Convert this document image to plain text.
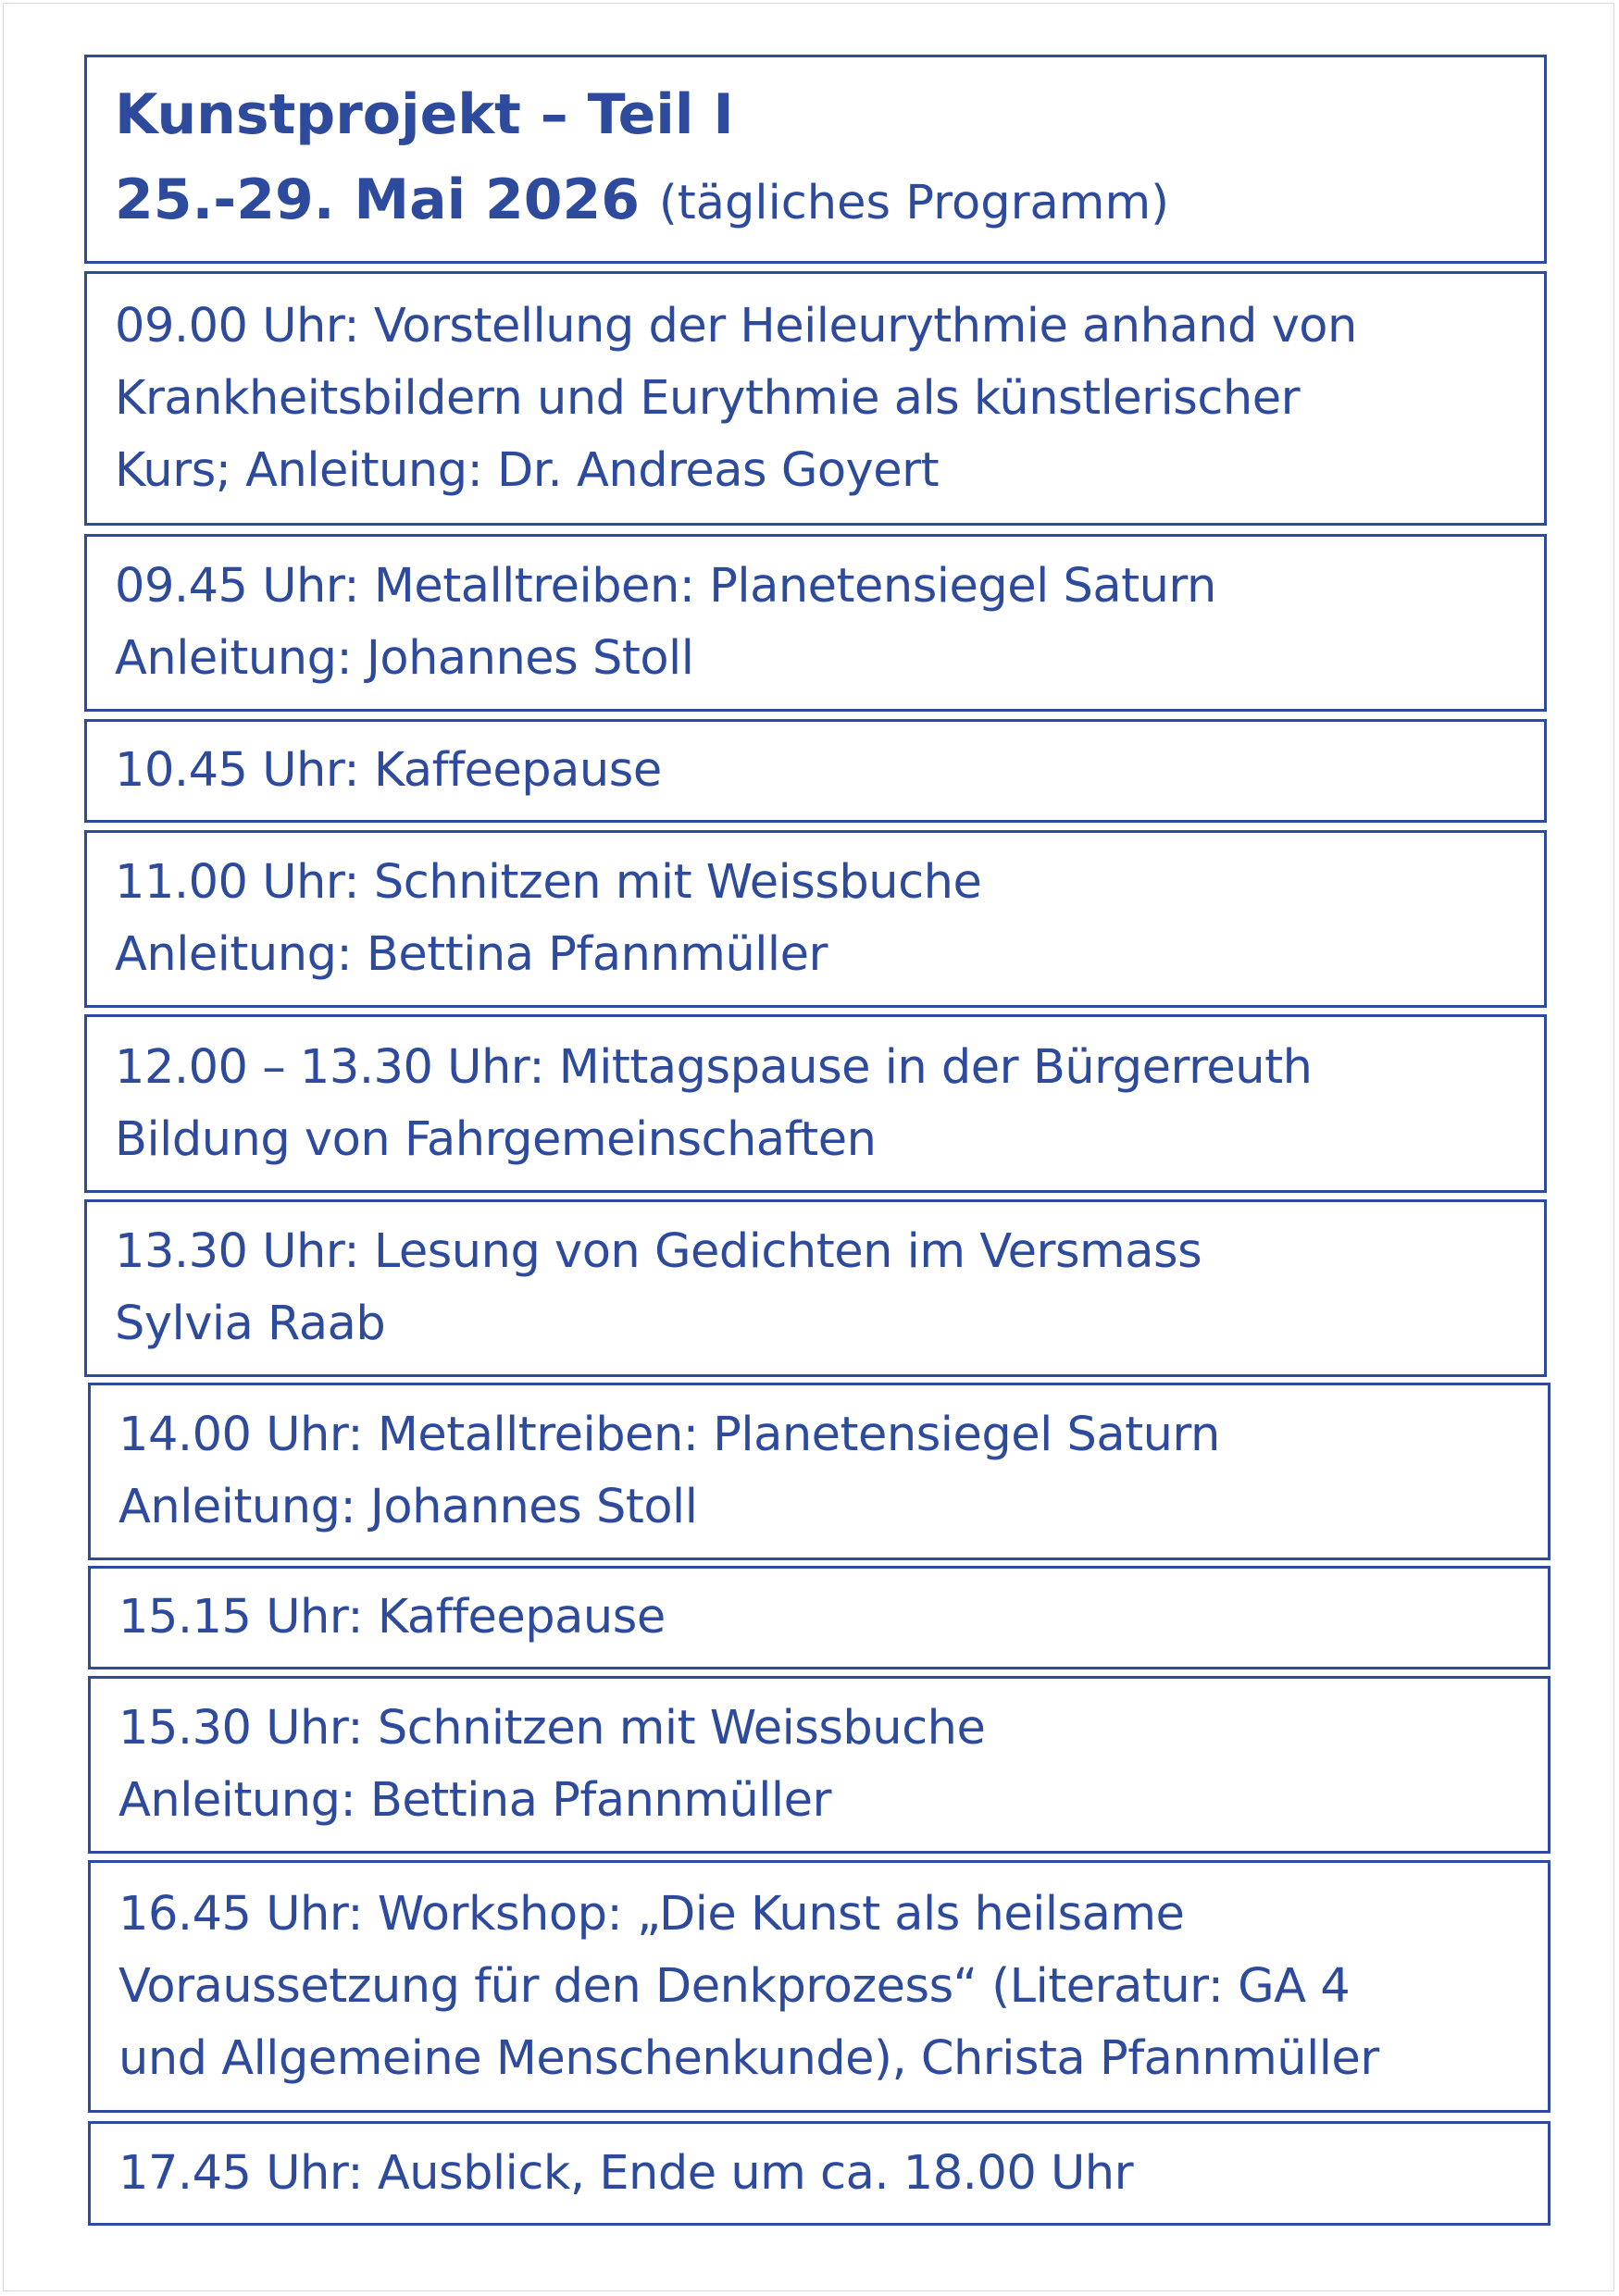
Kunstprojekt – Teil I
25.-29. Mai 2026 (tägliches Programm)
09.00 Uhr: Vorstellung der Heileurythmie anhand von
Krankheitsbildern und Eurythmie als künstlerischer
Kurs; Anleitung: Dr. Andreas Goyert
09.45 Uhr: Metalltreiben: Planetensiegel Saturn
Anleitung: Johannes Stoll
10.45 Uhr: Kaffeepause
11.00 Uhr: Schnitzen mit Weissbuche
Anleitung: Bettina Pfannmüller
12.00 – 13.30 Uhr: Mittagspause in der Bürgerreuth
Bildung von Fahrgemeinschaften
13.30 Uhr: Lesung von Gedichten im Versmass
Sylvia Raab
14.00 Uhr: Metalltreiben: Planetensiegel Saturn
Anleitung: Johannes Stoll
15.15 Uhr: Kaffeepause
15.30 Uhr: Schnitzen mit Weissbuche
Anleitung: Bettina Pfannmüller
16.45 Uhr: Workshop: „Die Kunst als heilsame
Voraussetzung für den Denkprozess“ (Literatur: GA 4
und Allgemeine Menschenkunde), Christa Pfannmüller
17.45 Uhr: Ausblick, Ende um ca. 18.00 Uhr
